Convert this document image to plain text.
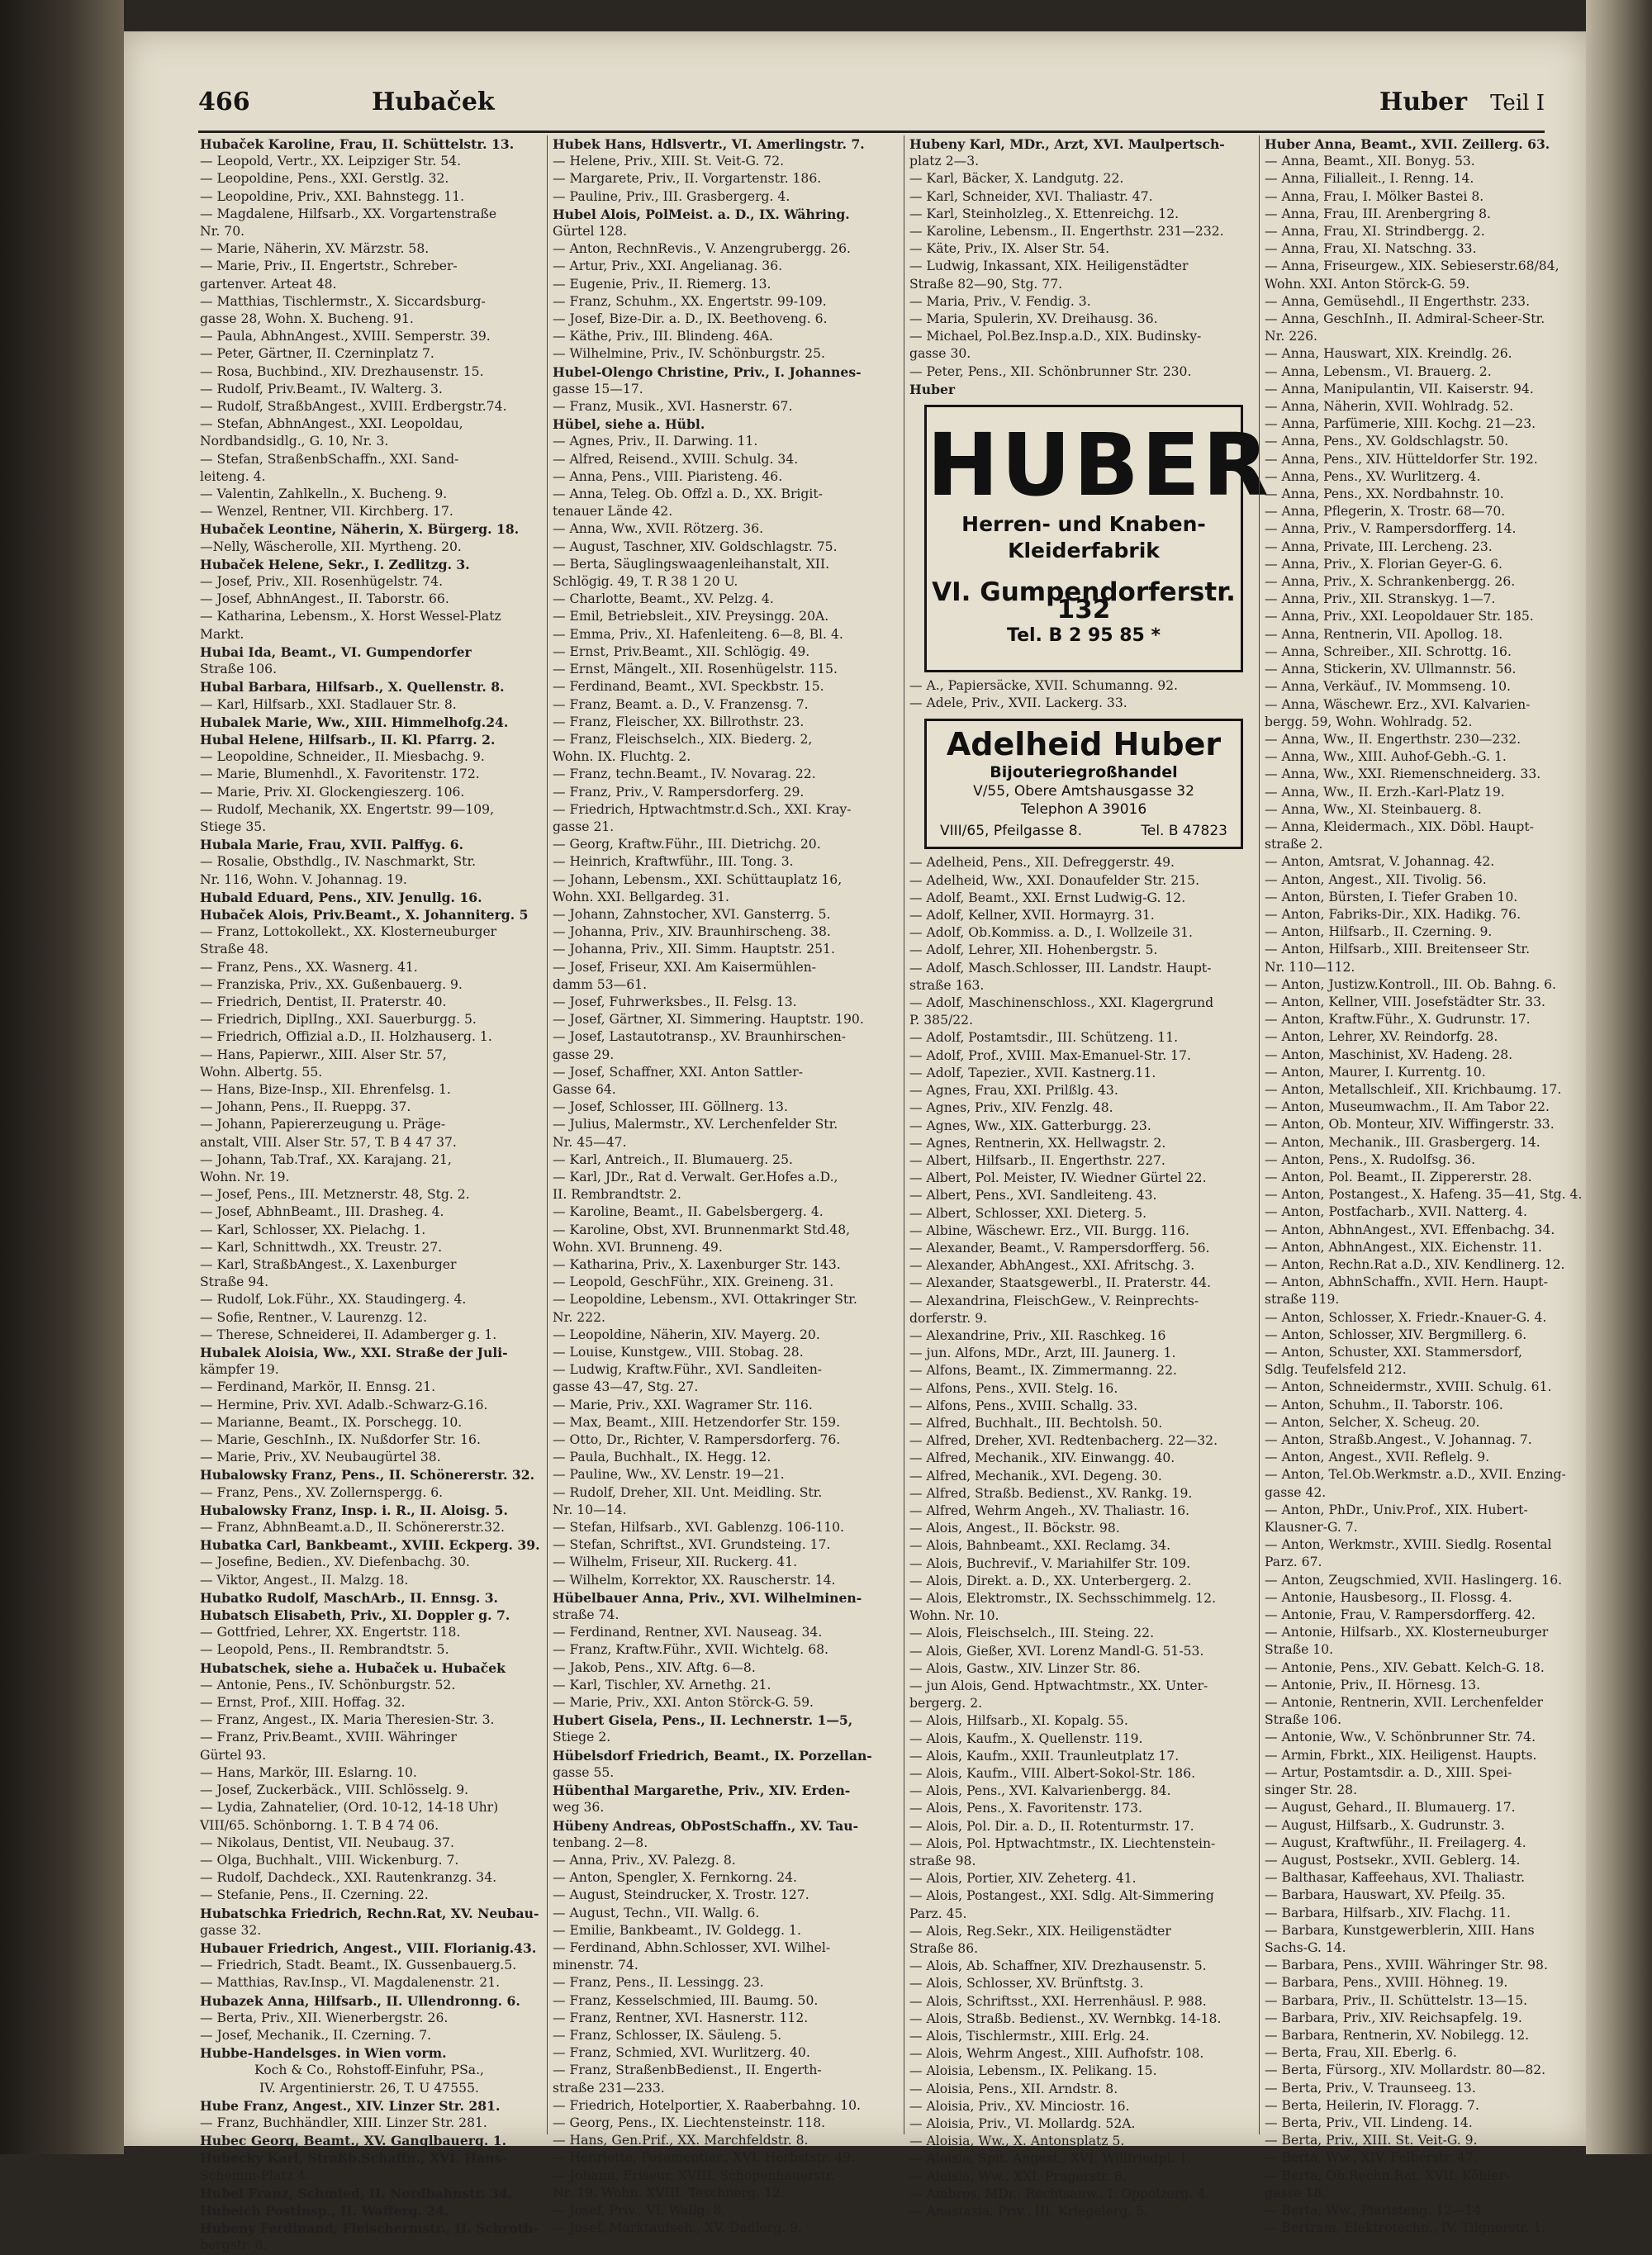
466	Hubaček	Huber Teil I
Hubaček Karoline, Frau, II. Schüttelstr. 13.
— Leopold, Vertr., XX. Leipziger Str. 54.
— Leopoldine, Pens., XXI. Gerstlg. 32.
— Leopoldine, Priv., XXI. Bahnstegg. 11.
— Magdalene, Hilfsarb., XX. Vorgartenstraße
Nr. 70.
— Marie, Näherin, XV. Märzstr. 58.
— Marie, Priv., II. Engertstr., Schreber-
gartenver. Arteat 48.
— Matthias, Tischlermstr., X. Siccardsburg-
gasse 28, Wohn. X. Bucheng. 91.
— Paula, AbhnAngest., XVIII. Semperstr. 39.
— Peter, Gärtner, II. Czerninplatz 7.
— Rosa, Buchbind., XIV. Drezhausenstr. 15.
— Rudolf, Priv.Beamt., IV. Walterg. 3.
— Rudolf, StraßbAngest., XVIII. Erdbergstr.74.
— Stefan, AbhnAngest., XXI. Leopoldau,
Nordbandsidlg., G. 10, Nr. 3.
— Stefan, StraßenbSchaffn., XXI. Sand-
leiteng. 4.
— Valentin, Zahlkelln., X. Bucheng. 9.
— Wenzel, Rentner, VII. Kirchberg. 17.
Hubaček Leontine, Näherin, X. Bürgerg. 18.
—Nelly, Wäscherolle, XII. Myrtheng. 20.
Hubaček Helene, Sekr., I. Zedlitzg. 3.
— Josef, Priv., XII. Rosenhügelstr. 74.
— Josef, AbhnAngest., II. Taborstr. 66.
— Katharina, Lebensm., X. Horst Wessel-Platz
Markt.
Hubai Ida, Beamt., VI. Gumpendorfer
Straße 106.
Hubal Barbara, Hilfsarb., X. Quellenstr. 8.
— Karl, Hilfsarb., XXI. Stadlauer Str. 8.
Hubalek Marie, Ww., XIII. Himmelhofg.24.
Hubal Helene, Hilfsarb., II. Kl. Pfarrg. 2.
— Leopoldine, Schneider., II. Miesbachg. 9.
— Marie, Blumenhdl., X. Favoritenstr. 172.
— Marie, Priv. XI. Glockengieszerg. 106.
— Rudolf, Mechanik, XX. Engertstr. 99—109,
Stiege 35.
Hubala Marie, Frau, XVII. Palffyg. 6.
— Rosalie, Obsthdlg., IV. Naschmarkt, Str.
Nr. 116, Wohn. V. Johannag. 19.
Hubald Eduard, Pens., XIV. Jenullg. 16.
Hubaček Alois, Priv.Beamt., X. Johanniterg. 5
— Franz, Lottokollekt., XX. Klosterneuburger
Straße 48.
— Franz, Pens., XX. Wasnerg. 41.
— Franziska, Priv., XX. Gußenbauerg. 9.
— Friedrich, Dentist, II. Praterstr. 40.
— Friedrich, DiplIng., XXI. Sauerburgg. 5.
— Friedrich, Offizial a.D., II. Holzhauserg. 1.
— Hans, Papierwr., XIII. Alser Str. 57,
Wohn. Albertg. 55.
— Hans, Bize-Insp., XII. Ehrenfelsg. 1.
— Johann, Pens., II. Rueppg. 37.
— Johann, Papiererzeugung u. Präge-
anstalt, VIII. Alser Str. 57, T. B 4 47 37.
— Johann, Tab.Traf., XX. Karajang. 21,
Wohn. Nr. 19.
— Josef, Pens., III. Metznerstr. 48, Stg. 2.
— Josef, AbhnBeamt., III. Drasheg. 4.
— Karl, Schlosser, XX. Pielachg. 1.
— Karl, Schnittwdh., XX. Treustr. 27.
— Karl, StraßbAngest., X. Laxenburger
Straße 94.
— Rudolf, Lok.Führ., XX. Staudingerg. 4.
— Sofie, Rentner., V. Laurenzg. 12.
— Therese, Schneiderei, II. Adamberger g. 1.
Hubalek Aloisia, Ww., XXI. Straße der Juli-
kämpfer 19.
— Ferdinand, Markör, II. Ennsg. 21.
— Hermine, Priv. XVI. Adalb.-Schwarz-G.16.
— Marianne, Beamt., IX. Porschegg. 10.
— Marie, GeschInh., IX. Nußdorfer Str. 16.
— Marie, Priv., XV. Neubaugürtel 38.
Hubalowsky Franz, Pens., II. Schönererstr. 32.
— Franz, Pens., XV. Zollernspergg. 6.
Hubalowsky Franz, Insp. i. R., II. Aloisg. 5.
— Franz, AbhnBeamt.a.D., II. Schönererstr.32.
Hubatka Carl, Bankbeamt., XVIII. Eckperg. 39.
— Josefine, Bedien., XV. Diefenbachg. 30.
— Viktor, Angest., II. Malzg. 18.
Hubatko Rudolf, MaschArb., II. Ennsg. 3.
Hubatsch Elisabeth, Priv., XI. Doppler g. 7.
— Gottfried, Lehrer, XX. Engertstr. 118.
— Leopold, Pens., II. Rembrandtstr. 5.
Hubatschek, siehe a. Hubaček u. Hubaček
— Antonie, Pens., IV. Schönburgstr. 52.
— Ernst, Prof., XIII. Hoffag. 32.
— Franz, Angest., IX. Maria Theresien-Str. 3.
— Franz, Priv.Beamt., XVIII. Währinger
Gürtel 93.
— Hans, Markör, III. Eslarng. 10.
— Josef, Zuckerbäck., VIII. Schlösselg. 9.
— Lydia, Zahnatelier, (Ord. 10-12, 14-18 Uhr)
VIII/65. Schönborng. 1. T. B 4 74 06.
— Nikolaus, Dentist, VII. Neubaug. 37.
— Olga, Buchhalt., VIII. Wickenburg. 7.
— Rudolf, Dachdeck., XXI. Rautenkranzg. 34.
— Stefanie, Pens., II. Czerning. 22.
Hubatschka Friedrich, Rechn.Rat, XV. Neubau-
gasse 32.
Hubauer Friedrich, Angest., VIII. Florianig.43.
— Friedrich, Stadt. Beamt., IX. Gussenbauerg.5.
— Matthias, Rav.Insp., VI. Magdalenenstr. 21.
Hubazek Anna, Hilfsarb., II. Ullendronng. 6.
— Berta, Priv., XII. Wienerbergstr. 26.
— Josef, Mechanik., II. Czerning. 7.
Hubbe-Handelsges. in Wien vorm.
Koch & Co., Rohstoff-Einfuhr, PSa.,
IV. Argentinierstr. 26, T. U 47555.
Hube Franz, Angest., XIV. Linzer Str. 281.
— Franz, Buchhändler, XIII. Linzer Str. 281.
Hubec Georg, Beamt., XV. Ganglbauerg. 1.
Hubecky Karl, Straßb.Schaffn., XVI. Hans-
Schemm-Platz 4.
Hubel Franz, Schmied, II. Nordbahnstr. 34.
Hubeich Postinsp., II. Wafferg. 24.
Hubeny Ferdinand, Fleischermstr., II. Schroth-
bergstr. 8.
Hubek Hans, Hdlsvertr., VI. Amerlingstr. 7.
— Helene, Priv., XIII. St. Veit-G. 72.
— Margarete, Priv., II. Vorgartenstr. 186.
— Pauline, Priv., III. Grasbergerg. 4.
Hubel Alois, PolMeist. a. D., IX. Währing.
Gürtel 128.
— Anton, RechnRevis., V. Anzengrubergg. 26.
— Artur, Priv., XXI. Angelianag. 36.
— Eugenie, Priv., II. Riemerg. 13.
— Franz, Schuhm., XX. Engertstr. 99-109.
— Josef, Bize-Dir. a. D., IX. Beethoveng. 6.
— Käthe, Priv., III. Blindeng. 46A.
— Wilhelmine, Priv., IV. Schönburgstr. 25.
Hubel-Olengo Christine, Priv., I. Johannes-
gasse 15—17.
— Franz, Musik., XVI. Hasnerstr. 67.
Hübel, siehe a. Hübl.
— Agnes, Priv., II. Darwing. 11.
— Alfred, Reisend., XVIII. Schulg. 34.
— Anna, Pens., VIII. Piaristeng. 46.
— Anna, Teleg. Ob. Offzl a. D., XX. Brigit-
tenauer Lände 42.
— Anna, Ww., XVII. Rötzerg. 36.
— August, Taschner, XIV. Goldschlagstr. 75.
— Berta, Säuglingswaagenleihanstalt, XII.
Schlögig. 49, T. R 38 1 20 U.
— Charlotte, Beamt., XV. Pelzg. 4.
— Emil, Betriebsleit., XIV. Preysingg. 20A.
— Emma, Priv., XI. Hafenleiteng. 6—8, Bl. 4.
— Ernst, Priv.Beamt., XII. Schlögig. 49.
— Ernst, Mängelt., XII. Rosenhügelstr. 115.
— Ferdinand, Beamt., XVI. Speckbstr. 15.
— Franz, Beamt. a. D., V. Franzensg. 7.
— Franz, Fleischer, XX. Billrothstr. 23.
— Franz, Fleischselch., XIX. Biederg. 2,
Wohn. IX. Fluchtg. 2.
— Franz, techn.Beamt., IV. Novarag. 22.
— Franz, Priv., V. Rampersdorferg. 29.
— Friedrich, Hptwachtmstr.d.Sch., XXI. Kray-
gasse 21.
— Georg, Kraftw.Führ., III. Dietrichg. 20.
— Heinrich, Kraftwführ., III. Tong. 3.
— Johann, Lebensm., XXI. Schüttauplatz 16,
Wohn. XXI. Bellgardeg. 31.
— Johann, Zahnstocher, XVI. Gansterrg. 5.
— Johanna, Priv., XIV. Braunhirscheng. 38.
— Johanna, Priv., XII. Simm. Hauptstr. 251.
— Josef, Friseur, XXI. Am Kaisermühlen-
damm 53—61.
— Josef, Fuhrwerksbes., II. Felsg. 13.
— Josef, Gärtner, XI. Simmering. Hauptstr. 190.
— Josef, Lastautotransp., XV. Braunhirschen-
gasse 29.
— Josef, Schaffner, XXI. Anton Sattler-
Gasse 64.
— Josef, Schlosser, III. Göllnerg. 13.
— Julius, Malermstr., XV. Lerchenfelder Str.
Nr. 45—47.
— Karl, Antreich., II. Blumauerg. 25.
— Karl, JDr., Rat d. Verwalt. Ger.Hofes a.D.,
II. Rembrandtstr. 2.
— Karoline, Beamt., II. Gabelsbergerg. 4.
— Karoline, Obst, XVI. Brunnenmarkt Std.48,
Wohn. XVI. Brunneng. 49.
— Katharina, Priv., X. Laxenburger Str. 143.
— Leopold, GeschFühr., XIX. Greineng. 31.
— Leopoldine, Lebensm., XVI. Ottakringer Str.
Nr. 222.
— Leopoldine, Näherin, XIV. Mayerg. 20.
— Louise, Kunstgew., VIII. Stobag. 28.
— Ludwig, Kraftw.Führ., XVI. Sandleiten-
gasse 43—47, Stg. 27.
— Marie, Priv., XXI. Wagramer Str. 116.
— Max, Beamt., XIII. Hetzendorfer Str. 159.
— Otto, Dr., Richter, V. Rampersdorferg. 76.
— Paula, Buchhalt., IX. Hegg. 12.
— Pauline, Ww., XV. Lenstr. 19—21.
— Rudolf, Dreher, XII. Unt. Meidling. Str.
Nr. 10—14.
— Stefan, Hilfsarb., XVI. Gablenzg. 106-110.
— Stefan, Schriftst., XVI. Grundsteing. 17.
— Wilhelm, Friseur, XII. Ruckerg. 41.
— Wilhelm, Korrektor, XX. Rauscherstr. 14.
Hübelbauer Anna, Priv., XVI. Wilhelminen-
straße 74.
— Ferdinand, Rentner, XVI. Nauseag. 34.
— Franz, Kraftw.Führ., XVII. Wichtelg. 68.
— Jakob, Pens., XIV. Aftg. 6—8.
— Karl, Tischler, XV. Arnethg. 21.
— Marie, Priv., XXI. Anton Störck-G. 59.
Hubert Gisela, Pens., II. Lechnerstr. 1—5,
Stiege 2.
Hübelsdorf Friedrich, Beamt., IX. Porzellan-
gasse 55.
Hübenthal Margarethe, Priv., XIV. Erden-
weg 36.
Hübeny Andreas, ObPostSchaffn., XV. Tau-
tenbang. 2—8.
— Anna, Priv., XV. Palezg. 8.
— Anton, Spengler, X. Fernkorng. 24.
— August, Steindrucker, X. Trostr. 127.
— August, Techn., VII. Wallg. 6.
— Emilie, Bankbeamt., IV. Goldegg. 1.
— Ferdinand, Abhn.Schlosser, XVI. Wilhel-
minenstr. 74.
— Franz, Pens., II. Lessingg. 23.
— Franz, Kesselschmied, III. Baumg. 50.
— Franz, Rentner, XVI. Hasnerstr. 112.
— Franz, Schlosser, IX. Säuleng. 5.
— Franz, Schmied, XVI. Wurlitzerg. 40.
— Franz, StraßenbBedienst., II. Engerth-
straße 231—233.
— Friedrich, Hotelportier, X. Raaberbahng. 10.
— Georg, Pens., IX. Liechtensteinstr. 118.
— Hans, Gen.Prif., XX. Marchfeldstr. 8.
— Henriette, Posamentier., XVI. Herbststr. 49.
— Johann, Friseur, XVIII. Schopenhauerstr.
Nr. 19, Wohn. XVIII. Teschnerg. 12.
— Josef, Priv., VI. Wallg. 8.
— Josef, Marktaufseh., XV. Dadlerg. 9.
Hubeny Karl, MDr., Arzt, XVI. Maulpertsch-
platz 2—3.
— Karl, Bäcker, X. Landgutg. 22.
— Karl, Schneider, XVI. Thaliastr. 47.
— Karl, Steinholzleg., X. Ettenreichg. 12.
— Karoline, Lebensm., II. Engerthstr. 231—232.
— Käte, Priv., IX. Alser Str. 54.
— Ludwig, Inkassant, XIX. Heiligenstädter
Straße 82—90, Stg. 77.
— Maria, Priv., V. Fendig. 3.
— Maria, Spulerin, XV. Dreihausg. 36.
— Michael, Pol.Bez.Insp.a.D., XIX. Budinsky-
gasse 30.
— Peter, Pens., XII. Schönbrunner Str. 230.
Huber
HUBER
Herren- und Knaben-
Kleiderfabrik
VI. Gumpendorferstr. 132
Tel. B 2 95 85 *
— A., Papiersäcke, XVII. Schumanng. 92.
— Adele, Priv., XVII. Lackerg. 33.
Adelheid Huber
Bijouteriegroßhandel
V/55, Obere Amtshausgasse 32
Telephon A 39016
VIII/65, Pfeilgasse 8.	Tel. B 47823
— Adelheid, Pens., XII. Defreggerstr. 49.
— Adelheid, Ww., XXI. Donaufelder Str. 215.
— Adolf, Beamt., XXI. Ernst Ludwig-G. 12.
— Adolf, Kellner, XVII. Hormayrg. 31.
— Adolf, Ob.Kommiss. a. D., I. Wollzeile 31.
— Adolf, Lehrer, XII. Hohenbergstr. 5.
— Adolf, Masch.Schlosser, III. Landstr. Haupt-
straße 163.
— Adolf, Maschinenschloss., XXI. Klagergrund
P. 385/22.
— Adolf, Postamtsdir., III. Schützeng. 11.
— Adolf, Prof., XVIII. Max-Emanuel-Str. 17.
— Adolf, Tapezier., XVII. Kastnerg.11.
— Agnes, Frau, XXI. Prilßlg. 43.
— Agnes, Priv., XIV. Fenzlg. 48.
— Agnes, Ww., XIX. Gatterburgg. 23.
— Agnes, Rentnerin, XX. Hellwagstr. 2.
— Albert, Hilfsarb., II. Engerthstr. 227.
— Albert, Pol. Meister, IV. Wiedner Gürtel 22.
— Albert, Pens., XVI. Sandleiteng. 43.
— Albert, Schlosser, XXI. Dieterg. 5.
— Albine, Wäschewr. Erz., VII. Burgg. 116.
— Alexander, Beamt., V. Rampersdorfferg. 56.
— Alexander, AbhAngest., XXI. Afritschg. 3.
— Alexander, Staatsgewerbl., II. Praterstr. 44.
— Alexandrina, FleischGew., V. Reinprechts-
dorferstr. 9.
— Alexandrine, Priv., XII. Raschkeg. 16
— jun. Alfons, MDr., Arzt, III. Jaunerg. 1.
— Alfons, Beamt., IX. Zimmermanng. 22.
— Alfons, Pens., XVII. Stelg. 16.
— Alfons, Pens., XVIII. Schallg. 33.
— Alfred, Buchhalt., III. Bechtolsh. 50.
— Alfred, Dreher, XVI. Redtenbacherg. 22—32.
— Alfred, Mechanik., XIV. Einwangg. 40.
— Alfred, Mechanik., XVI. Degeng. 30.
— Alfred, Straßb. Bedienst., XV. Rankg. 19.
— Alfred, Wehrm Angeh., XV. Thaliastr. 16.
— Alois, Angest., II. Böckstr. 98.
— Alois, Bahnbeamt., XXI. Reclamg. 34.
— Alois, Buchrevif., V. Mariahilfer Str. 109.
— Alois, Direkt. a. D., XX. Unterbergerg. 2.
— Alois, Elektromstr., IX. Sechsschimmelg. 12.
Wohn. Nr. 10.
— Alois, Fleischselch., III. Steing. 22.
— Alois, Gießer, XVI. Lorenz Mandl-G. 51-53.
— Alois, Gastw., XIV. Linzer Str. 86.
— jun Alois, Gend. Hptwachtmstr., XX. Unter-
bergerg. 2.
— Alois, Hilfsarb., XI. Kopalg. 55.
— Alois, Kaufm., X. Quellenstr. 119.
— Alois, Kaufm., XXII. Traunleutplatz 17.
— Alois, Kaufm., VIII. Albert-Sokol-Str. 186.
— Alois, Pens., XVI. Kalvarienbergg. 84.
— Alois, Pens., X. Favoritenstr. 173.
— Alois, Pol. Dir. a. D., II. Rotenturmstr. 17.
— Alois, Pol. Hptwachtmstr., IX. Liechtenstein-
straße 98.
— Alois, Portier, XIV. Zeheterg. 41.
— Alois, Postangest., XXI. Sdlg. Alt-Simmering
Parz. 45.
— Alois, Reg.Sekr., XIX. Heiligenstädter
Straße 86.
— Alois, Ab. Schaffner, XIV. Drezhausenstr. 5.
— Alois, Schlosser, XV. Brünftstg. 3.
— Alois, Schriftsst., XXI. Herrenhäusl. P. 988.
— Alois, Straßb. Bedienst., XV. Wernbkg. 14-18.
— Alois, Tischlermstr., XIII. Erlg. 24.
— Alois, Wehrm Angest., XIII. Aufhofstr. 108.
— Aloisia, Lebensm., IX. Pelikang. 15.
— Aloisia, Pens., XII. Arndstr. 8.
— Aloisia, Priv., XV. Minciostr. 16.
— Aloisia, Priv., VI. Mollardg. 52A.
— Aloisia, Ww., X. Antonsplatz 5.
— Aloisia, Spit. Angest., XVI. Willfriedpl. 1.
— Aloisia, Ww., XXI. Pragerstr. 8.
— Ambros, MDr., Rechtsanw., I. Oppolzerg. 4.
— Anastasia, Priv., III. Kriegelerg. 5.
Huber Anna, Beamt., XVII. Zeillerg. 63.
— Anna, Beamt., XII. Bonyg. 53.
— Anna, Filialleit., I. Renng. 14.
— Anna, Frau, I. Mölker Bastei 8.
— Anna, Frau, III. Arenbergring 8.
— Anna, Frau, XI. Strindbergg. 2.
— Anna, Frau, XI. Natschng. 33.
— Anna, Friseurgew., XIX. Sebieserstr.68/84,
Wohn. XXI. Anton Störck-G. 59.
— Anna, Gemüsehdl., II Engerthstr. 233.
— Anna, GeschInh., II. Admiral-Scheer-Str.
Nr. 226.
— Anna, Hauswart, XIX. Kreindlg. 26.
— Anna, Lebensm., VI. Brauerg. 2.
— Anna, Manipulantin, VII. Kaiserstr. 94.
— Anna, Näherin, XVII. Wohlradg. 52.
— Anna, Parfümerie, XIII. Kochg. 21—23.
— Anna, Pens., XV. Goldschlagstr. 50.
— Anna, Pens., XIV. Hütteldorfer Str. 192.
— Anna, Pens., XV. Wurlitzerg. 4.
— Anna, Pens., XX. Nordbahnstr. 10.
— Anna, Pflegerin, X. Trostr. 68—70.
— Anna, Priv., V. Rampersdorfferg. 14.
— Anna, Private, III. Lercheng. 23.
— Anna, Priv., X. Florian Geyer-G. 6.
— Anna, Priv., X. Schrankenbergg. 26.
— Anna, Priv., XII. Stranskyg. 1—7.
— Anna, Priv., XXI. Leopoldauer Str. 185.
— Anna, Rentnerin, VII. Apollog. 18.
— Anna, Schreiber., XII. Schrottg. 16.
— Anna, Stickerin, XV. Ullmannstr. 56.
— Anna, Verkäuf., IV. Mommseng. 10.
— Anna, Wäschewr. Erz., XVI. Kalvarien-
bergg. 59, Wohn. Wohlradg. 52.
— Anna, Ww., II. Engerthstr. 230—232.
— Anna, Ww., XIII. Auhof-Gebh.-G. 1.
— Anna, Ww., XXI. Riemenschneiderg. 33.
— Anna, Ww., II. Erzh.-Karl-Platz 19.
— Anna, Ww., XI. Steinbauerg. 8.
— Anna, Kleidermach., XIX. Döbl. Haupt-
straße 2.
— Anton, Amtsrat, V. Johannag. 42.
— Anton, Angest., XII. Tivolig. 56.
— Anton, Bürsten, I. Tiefer Graben 10.
— Anton, Fabriks-Dir., XIX. Hadikg. 76.
— Anton, Hilfsarb., II. Czerning. 9.
— Anton, Hilfsarb., XIII. Breitenseer Str.
Nr. 110—112.
— Anton, Justizw.Kontroll., III. Ob. Bahng. 6.
— Anton, Kellner, VIII. Josefstädter Str. 33.
— Anton, Kraftw.Führ., X. Gudrunstr. 17.
— Anton, Lehrer, XV. Reindorfg. 28.
— Anton, Maschinist, XV. Hadeng. 28.
— Anton, Maurer, I. Kurrentg. 10.
— Anton, Metallschleif., XII. Krichbaumg. 17.
— Anton, Museumwachm., II. Am Tabor 22.
— Anton, Ob. Monteur, XIV. Wiffingerstr. 33.
— Anton, Mechanik., III. Grasbergerg. 14.
— Anton, Pens., X. Rudolfsg. 36.
— Anton, Pol. Beamt., II. Zippererstr. 28.
— Anton, Postangest., X. Hafeng. 35—41, Stg. 4.
— Anton, Postfacharb., XVII. Natterg. 4.
— Anton, AbhnAngest., XVI. Effenbachg. 34.
— Anton, AbhnAngest., XIX. Eichenstr. 11.
— Anton, Rechn.Rat a.D., XIV. Kendlinerg. 12.
— Anton, AbhnSchaffn., XVII. Hern. Haupt-
straße 119.
— Anton, Schlosser, X. Friedr.-Knauer-G. 4.
— Anton, Schlosser, XIV. Bergmillerg. 6.
— Anton, Schuster, XXI. Stammersdorf,
Sdlg. Teufelsfeld 212.
— Anton, Schneidermstr., XVIII. Schulg. 61.
— Anton, Schuhm., II. Taborstr. 106.
— Anton, Selcher, X. Scheug. 20.
— Anton, Straßb.Angest., V. Johannag. 7.
— Anton, Angest., XVII. Reflelg. 9.
— Anton, Tel.Ob.Werkmstr. a.D., XVII. Enzing-
gasse 42.
— Anton, PhDr., Univ.Prof., XIX. Hubert-
Klausner-G. 7.
— Anton, Werkmstr., XVIII. Siedlg. Rosental
Parz. 67.
— Anton, Zeugschmied, XVII. Haslingerg. 16.
— Antonie, Hausbesorg., II. Flossg. 4.
— Antonie, Frau, V. Rampersdorfferg. 42.
— Antonie, Hilfsarb., XX. Klosterneuburger
Straße 10.
— Antonie, Pens., XIV. Gebatt. Kelch-G. 18.
— Antonie, Priv., II. Hörnesg. 13.
— Antonie, Rentnerin, XVII. Lerchenfelder
Straße 106.
— Antonie, Ww., V. Schönbrunner Str. 74.
— Armin, Fbrkt., XIX. Heiligenst. Haupts.
— Artur, Postamtsdir. a. D., XIII. Spei-
singer Str. 28.
— August, Gehard., II. Blumauerg. 17.
— August, Hilfsarb., X. Gudrunstr. 3.
— August, Kraftwführ., II. Freilagerg. 4.
— August, Postsekr., XVII. Geblerg. 14.
— Balthasar, Kaffeehaus, XVI. Thaliastr.
— Barbara, Hauswart, XV. Pfeilg. 35.
— Barbara, Hilfsarb., XIV. Flachg. 11.
— Barbara, Kunstgewerblerin, XIII. Hans
Sachs-G. 14.
— Barbara, Pens., XVIII. Währinger Str. 98.
— Barbara, Pens., XVIII. Höhneg. 19.
— Barbara, Priv., II. Schüttelstr. 13—15.
— Barbara, Priv., XIV. Reichsapfelg. 19.
— Barbara, Rentnerin, XV. Nobilegg. 12.
— Berta, Frau, XII. Eberlg. 6.
— Berta, Fürsorg., XIV. Mollardstr. 80—82.
— Berta, Priv., V. Traunseeg. 13.
— Berta, Heilerin, IV. Floragg. 7.
— Berta, Priv., VII. Lindeng. 14.
— Berta, Priv., XIII. St. Veit-G. 9.
— Berta, Ww., XIV. Felberstr. 47.
— Berta, Ob.Rechn.Rat, XVII. Köhler-
gasse 18.
— Berta, Ww., Piaristeng. 12—14.
— Bertram, Elektrotechn., IV. Tilgnerstr. 1.
